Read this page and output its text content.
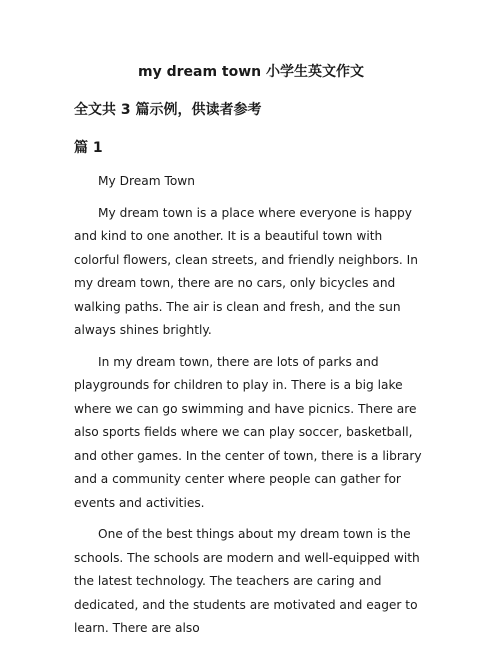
my dream town 小学生英文作文
全文共 3 篇示例，供读者参考
篇 1

My Dream Town

My dream town is a place where everyone is happy and kind to one another. It is a beautiful town with colorful flowers, clean streets, and friendly neighbors. In my dream town, there are no cars, only bicycles and walking paths. The air is clean and fresh, and the sun always shines brightly.

In my dream town, there are lots of parks and playgrounds for children to play in. There is a big lake where we can go swimming and have picnics. There are also sports fields where we can play soccer, basketball, and other games. In the center of town, there is a library and a community center where people can gather for events and activities.

One of the best things about my dream town is the schools. The schools are modern and well-equipped with the latest technology. The teachers are caring and dedicated, and the students are motivated and eager to learn. There are also
